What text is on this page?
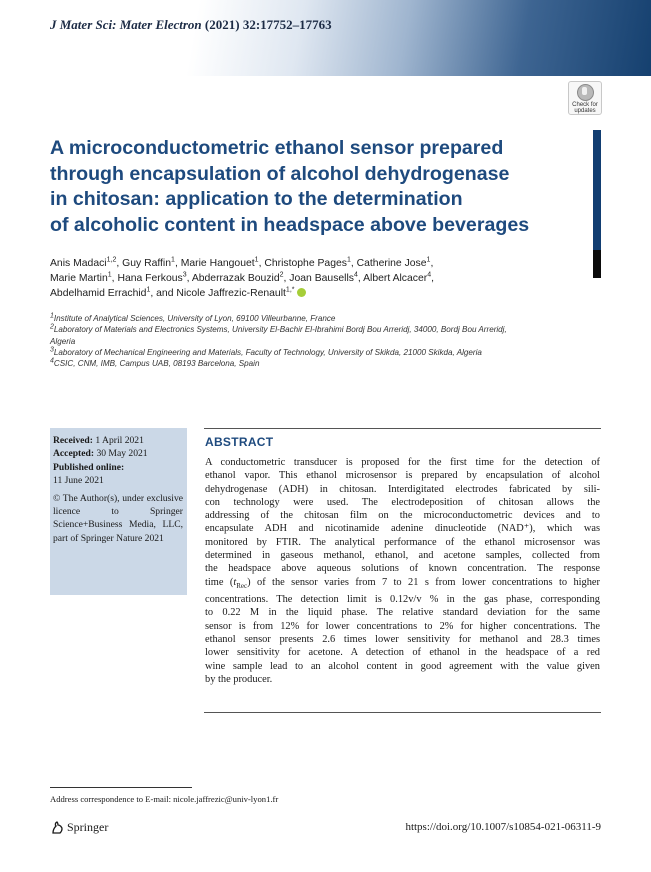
J Mater Sci: Mater Electron (2021) 32:17752–17763
Check for
updates
A microconductometric ethanol sensor prepared
through encapsulation of alcohol dehydrogenase
in chitosan: application to the determination
of alcoholic content in headspace above beverages
Anis Madaci$^{1,2}$, Guy Raffin$^1$, Marie Hangouet$^1$, Christophe Pages$^1$, Catherine Jose$^1$,
Marie Martin$^1$, Hana Ferkous$^3$, Abderrazak Bouzid$^2$, Joan Bausells$^4$, Albert Alcacer$^4$,
Abdelhamid Errachid$^1$, and Nicole Jaffrezic-Renault$^{1,*}$
$^1$Institute of Analytical Sciences, University of Lyon, 69100 Villeurbanne, France
$^2$Laboratory of Materials and Electronics Systems, University El-Bachir El-Ibrahimi Bordj Bou Arreridj, 34000, Bordj Bou Arreridj,
Algeria
$^3$Laboratory of Mechanical Engineering and Materials, Faculty of Technology, University of Skikda, 21000 Skikda, Algeria
$^4$CSIC, CNM, IMB, Campus UAB, 08193 Barcelona, Spain
Received: 1 April 2021
Accepted: 30 May 2021
Published online:
11 June 2021
© The Author(s), under exclusive licence to Springer Science+Business Media, LLC, part of Springer Nature 2021
ABSTRACT
A conductometric transducer is proposed for the first time for the detection of
ethanol vapor. This ethanol microsensor is prepared by encapsulation of alcohol
dehydrogenase (ADH) in chitosan. Interdigitated electrodes fabricated by sili-
con technology were used. The electrodeposition of chitosan allows the
addressing of the chitosan film on the microconductometric devices and to
encapsulate ADH and nicotinamide adenine dinucleotide (NAD⁺), which was
monitored by FTIR. The analytical performance of the ethanol microsensor was
determined in gaseous methanol, ethanol, and acetone samples, collected from
the headspace above aqueous solutions of known concentration. The response
time $(t_{Rec})$ of the sensor varies from 7 to 21 s from lower concentrations to higher
concentrations. The detection limit is 0.12v/v % in the gas phase, corresponding
to 0.22 M in the liquid phase. The relative standard deviation for the same
sensor is from 12% for lower concentrations to 2% for higher concentrations. The
ethanol sensor presents 2.6 times lower sensitivity for methanol and 28.3 times
lower sensitivity for acetone. A detection of ethanol in the headspace of a red
wine sample lead to an alcohol content in good agreement with the value given
by the producer.
Address correspondence to E-mail: nicole.jaffrezic@univ-lyon1.fr
Springer	https://doi.org/10.1007/s10854-021-06311-9
